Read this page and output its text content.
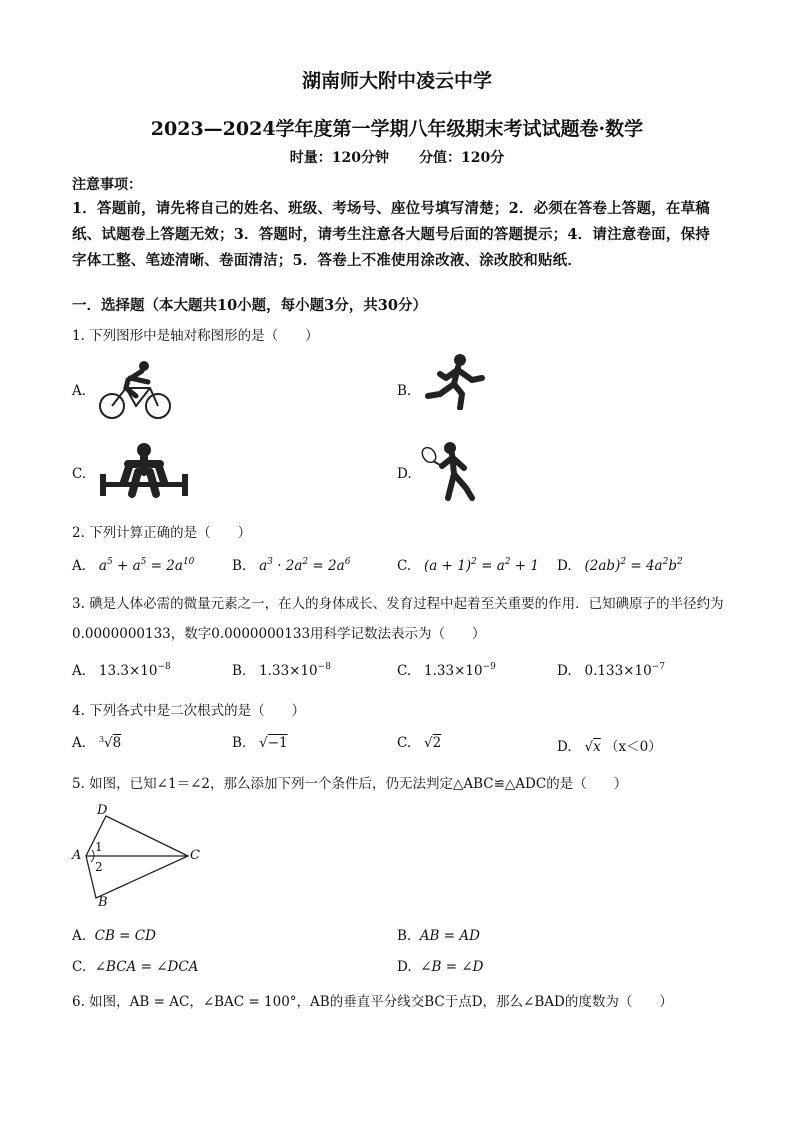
湖南师大附中凌云中学
2023—2024学年度第一学期八年级期末考试试题卷·数学
时量：120分钟 分值：120分
注意事项：
1．答题前，请先将自己的姓名、班级、考场号、座位号填写清楚；2．必须在答卷上答题，在草稿纸、试题卷上答题无效；3．答题时，请考生注意各大题号后面的答题提示；4．请注意卷面，保持字体工整、笔迹清晰、卷面清洁；5．答卷上不准使用涂改液、涂改胶和贴纸．
一．选择题（本大题共10小题，每小题3分，共30分）
1. 下列图形中是轴对称图形的是（　　）
A.	B.
C.	D.
2. 下列计算正确的是（　　）
A.   $a^5 + a^5 = 2a^{10}$	B.   $a^3 \cdot 2a^2 = 2a^6$	C.   $(a + 1)^2 = a^2 + 1$ D.   $(2ab)^2 = 4a^2b^2$
3. 碘是人体必需的微量元素之一，在人的身体成长、发育过程中起着至关重要的作用．已知碘原子的半径约为0.0000000133，数字0.0000000133用科学记数法表示为（　　）
A.   $13.3\times 10^{-8}$	B.   $1.33\times 10^{-8}$	C.   $1.33\times 10^{-9}$	D.   $0.133\times 10^{-7}$
4. 下列各式中是二次根式的是（　　）
A. $^3$√8	B.   √−1	C.   √2	D.   √x （x＜0）
5. 如图，已知∠1＝∠2，那么添加下列一个条件后，仍无法判定△ABC≌△ADC的是（　　）
D
A	C
B
1
2
A. CB = CD	B. AB = AD
C. ∠BCA = ∠DCA	D. ∠B = ∠D
6. 如图，AB = AC，∠BAC = 100°，AB的垂直平分线交BC于点D，那么∠BAD的度数为（　　）
